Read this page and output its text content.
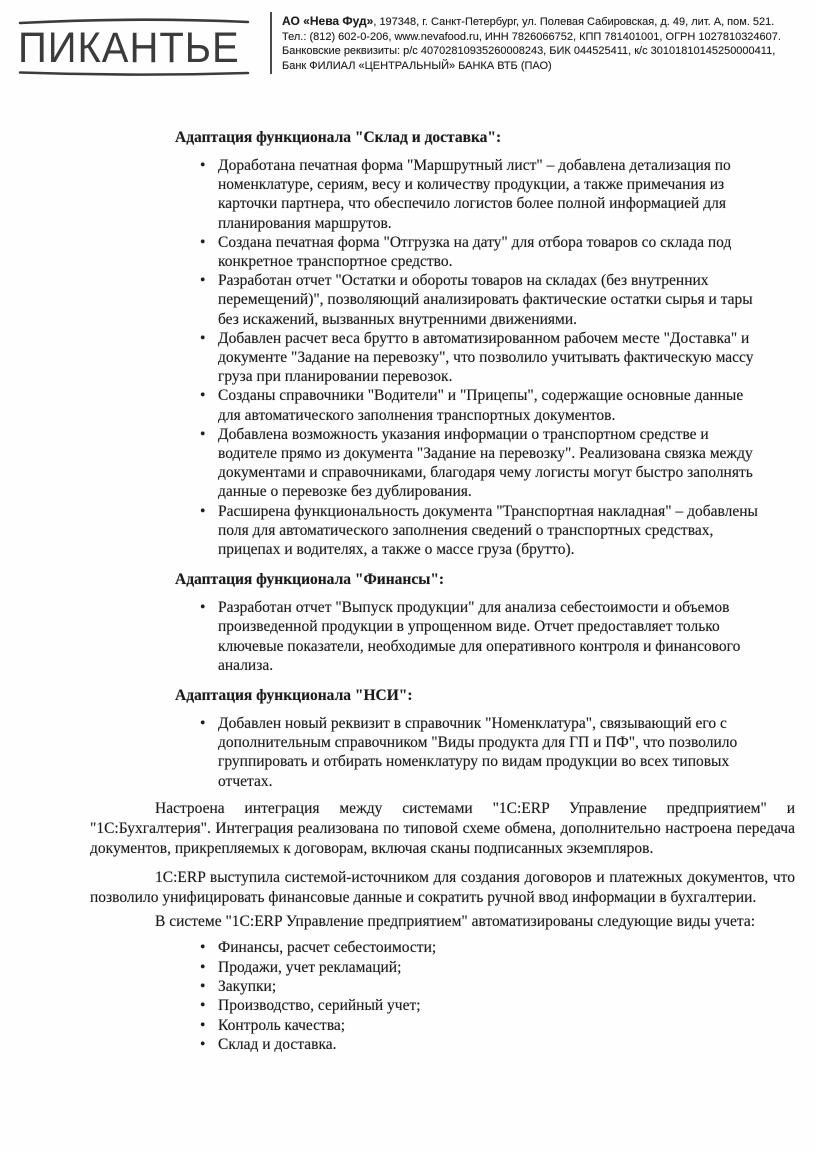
ПИКАНТЬЕ
АО «Нева Фуд», 197348, г. Санкт-Петербург, ул. Полевая Сабировская, д. 49, лит. А, пом. 521.
Тел.: (812) 602-0-206, www.nevafood.ru, ИНН 7826066752, КПП 781401001, ОГРН 1027810324607.
Банковские реквизиты: р/с 40702810935260008243, БИК 044525411, к/с 30101810145250000411,
Банк ФИЛИАЛ «ЦЕНТРАЛЬНЫЙ» БАНКА ВТБ (ПАО)
Адаптация функционала "Склад и доставка":
• Доработана печатная форма "Маршрутный лист" – добавлена детализация по номенклатуре, сериям, весу и количеству продукции, а также примечания из карточки партнера, что обеспечило логистов более полной информацией для планирования маршрутов.
• Создана печатная форма "Отгрузка на дату" для отбора товаров со склада под конкретное транспортное средство.
• Разработан отчет "Остатки и обороты товаров на складах (без внутренних перемещений)", позволяющий анализировать фактические остатки сырья и тары без искажений, вызванных внутренними движениями.
• Добавлен расчет веса брутто в автоматизированном рабочем месте "Доставка" и документе "Задание на перевозку", что позволило учитывать фактическую массу груза при планировании перевозок.
• Созданы справочники "Водители" и "Прицепы", содержащие основные данные для автоматического заполнения транспортных документов.
• Добавлена возможность указания информации о транспортном средстве и водителе прямо из документа "Задание на перевозку". Реализована связка между документами и справочниками, благодаря чему логисты могут быстро заполнять данные о перевозке без дублирования.
• Расширена функциональность документа "Транспортная накладная" – добавлены поля для автоматического заполнения сведений о транспортных средствах, прицепах и водителях, а также о массе груза (брутто).
Адаптация функционала "Финансы":
• Разработан отчет "Выпуск продукции" для анализа себестоимости и объемов произведенной продукции в упрощенном виде. Отчет предоставляет только ключевые показатели, необходимые для оперативного контроля и финансового анализа.
Адаптация функционала "НСИ":
• Добавлен новый реквизит в справочник "Номенклатура", связывающий его с дополнительным справочником "Виды продукта для ГП и ПФ", что позволило группировать и отбирать номенклатуру по видам продукции во всех типовых отчетах.

Настроена интеграция между системами "1С:ERP Управление предприятием" и "1С:Бухгалтерия". Интеграция реализована по типовой схеме обмена, дополнительно настроена передача документов, прикрепляемых к договорам, включая сканы подписанных экземпляров.

1С:ERP выступила системой-источником для создания договоров и платежных документов, что позволило унифицировать финансовые данные и сократить ручной ввод информации в бухгалтерии.

В системе "1С:ERP Управление предприятием" автоматизированы следующие виды учета:

• Финансы, расчет себестоимости;
• Продажи, учет рекламаций;
• Закупки;
• Производство, серийный учет;
• Контроль качества;
• Склад и доставка.
